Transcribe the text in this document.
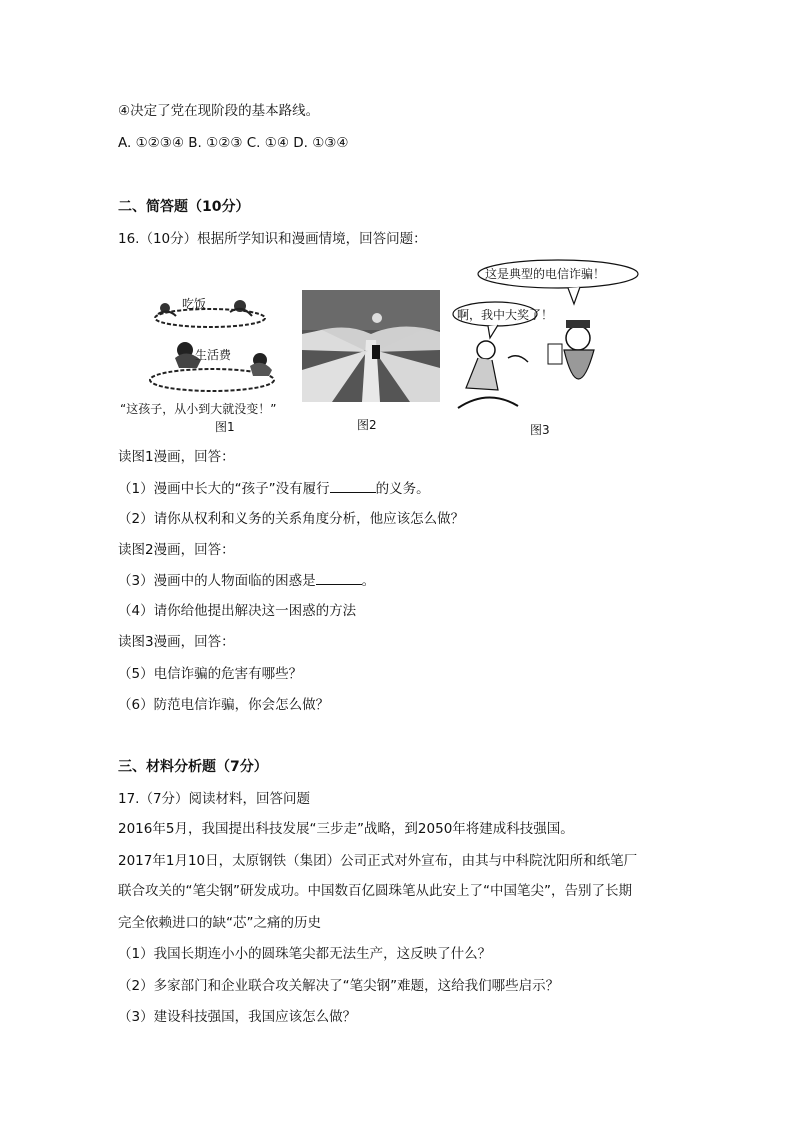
④决定了党在现阶段的基本路线。
A. ①②③④ B. ①②③ C. ①④ D. ①③④
二、简答题（10分）
16.（10分）根据所学知识和漫画情境，回答问题：
吃饭
生活费
“这孩子，从小到大就没变！”
图1	图2
这是典型的电信诈骗！
啊，我中大奖了！
图3
读图1漫画，回答：
（1）漫画中长大的“孩子”没有履行	的义务。
（2）请你从权利和义务的关系角度分析，他应该怎么做？
读图2漫画，回答：
（3）漫画中的人物面临的困惑是	。
（4）请你给他提出解决这一困惑的方法
读图3漫画，回答：
（5）电信诈骗的危害有哪些？
（6）防范电信诈骗，你会怎么做？
三、材料分析题（7分）
17.（7分）阅读材料，回答问题
2016年5月，我国提出科技发展“三步走”战略，到2050年将建成科技强国。
2017年1月10日，太原钢铁（集团）公司正式对外宣布，由其与中科院沈阳所和纸笔厂
联合攻关的“笔尖钢”研发成功。中国数百亿圆珠笔从此安上了“中国笔尖”，告别了长期
完全依赖进口的缺“芯”之痛的历史
（1）我国长期连小小的圆珠笔尖都无法生产，这反映了什么？
（2）多家部门和企业联合攻关解决了“笔尖钢”难题，这给我们哪些启示？
（3）建设科技强国，我国应该怎么做？
